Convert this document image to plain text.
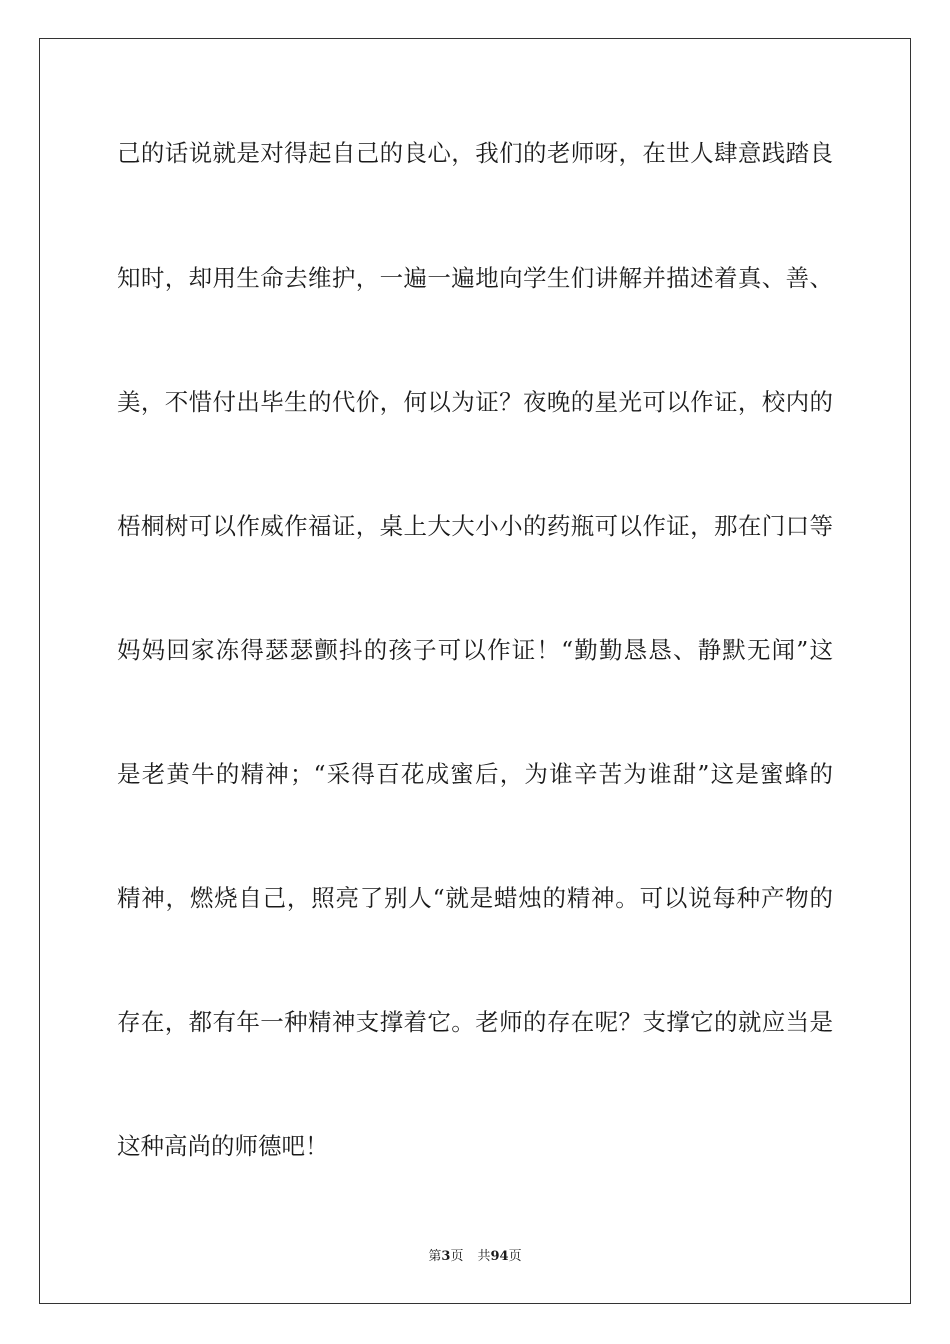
己的话说就是对得起自己的良心，我们的老师呀，在世人肆意践踏良
知时，却用生命去维护，一遍一遍地向学生们讲解并描述着真、善、
美，不惜付出毕生的代价，何以为证？夜晚的星光可以作证，校内的
梧桐树可以作威作福证，桌上大大小小的药瓶可以作证，那在门口等
妈妈回家冻得瑟瑟颤抖的孩子可以作证！“勤勤恳恳、静默无闻”这
是老黄牛的精神；“采得百花成蜜后，为谁辛苦为谁甜”这是蜜蜂的
精神，燃烧自己，照亮了别人“就是蜡烛的精神。可以说每种产物的
存在，都有年一种精神支撑着它。老师的存在呢？支撑它的就应当是
这种高尚的师德吧！
第3页 共94页
